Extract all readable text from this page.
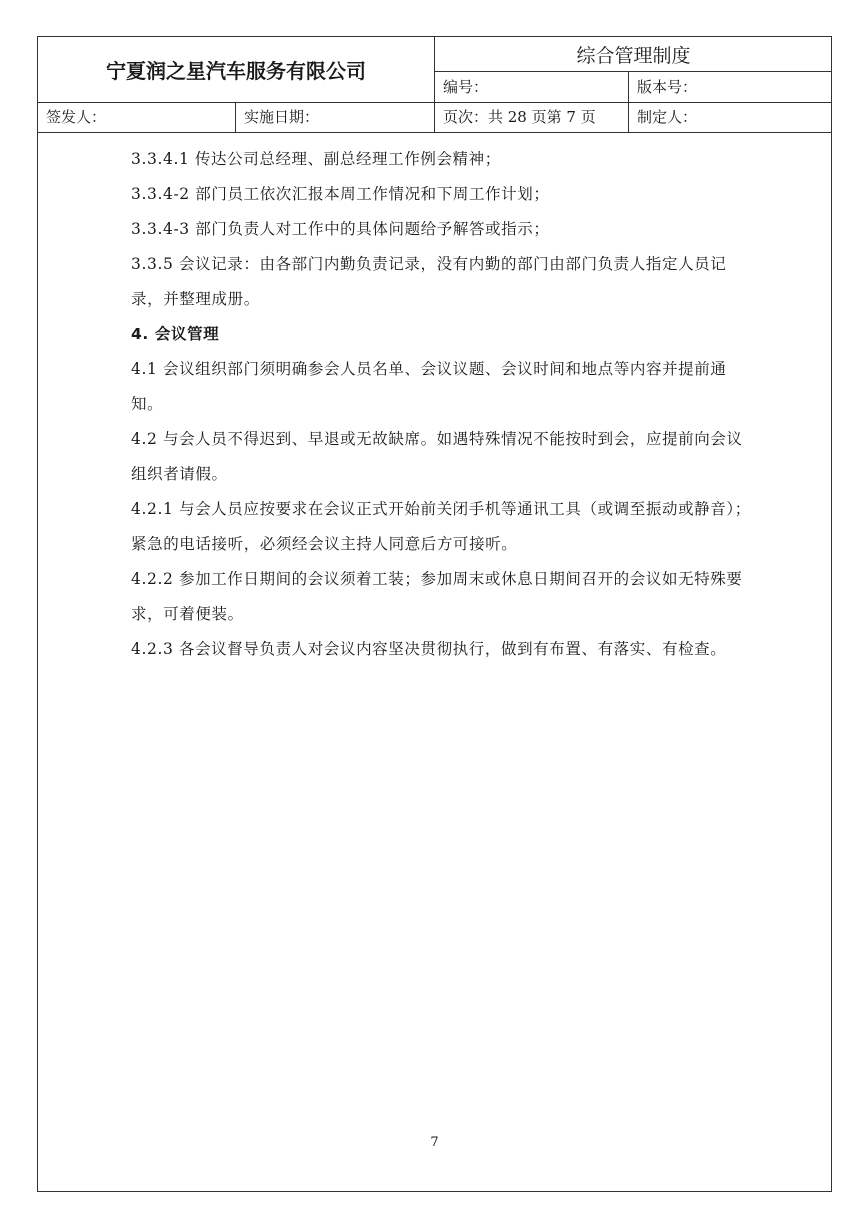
宁夏润之星汽车服务有限公司
综合管理制度
编号：	版本号：
签发人：	实施日期：	页次：共 28 页第 7 页	制定人：

3.3.4.1 传达公司总经理、副总经理工作例会精神；

3.3.4-2 部门员工依次汇报本周工作情况和下周工作计划；

3.3.4-3 部门负责人对工作中的具体问题给予解答或指示；

3.3.5 会议记录：由各部门内勤负责记录，没有内勤的部门由部门负责人指定人员记录，并整理成册。

4. 会议管理

4.1 会议组织部门须明确参会人员名单、会议议题、会议时间和地点等内容并提前通知。

4.2 与会人员不得迟到、早退或无故缺席。如遇特殊情况不能按时到会，应提前向会议组织者请假。

4.2.1 与会人员应按要求在会议正式开始前关闭手机等通讯工具（或调至振动或静音）；紧急的电话接听，必须经会议主持人同意后方可接听。

4.2.2 参加工作日期间的会议须着工装；参加周末或休息日期间召开的会议如无特殊要求，可着便装。

4.2.3 各会议督导负责人对会议内容坚决贯彻执行，做到有布置、有落实、有检查。

7
